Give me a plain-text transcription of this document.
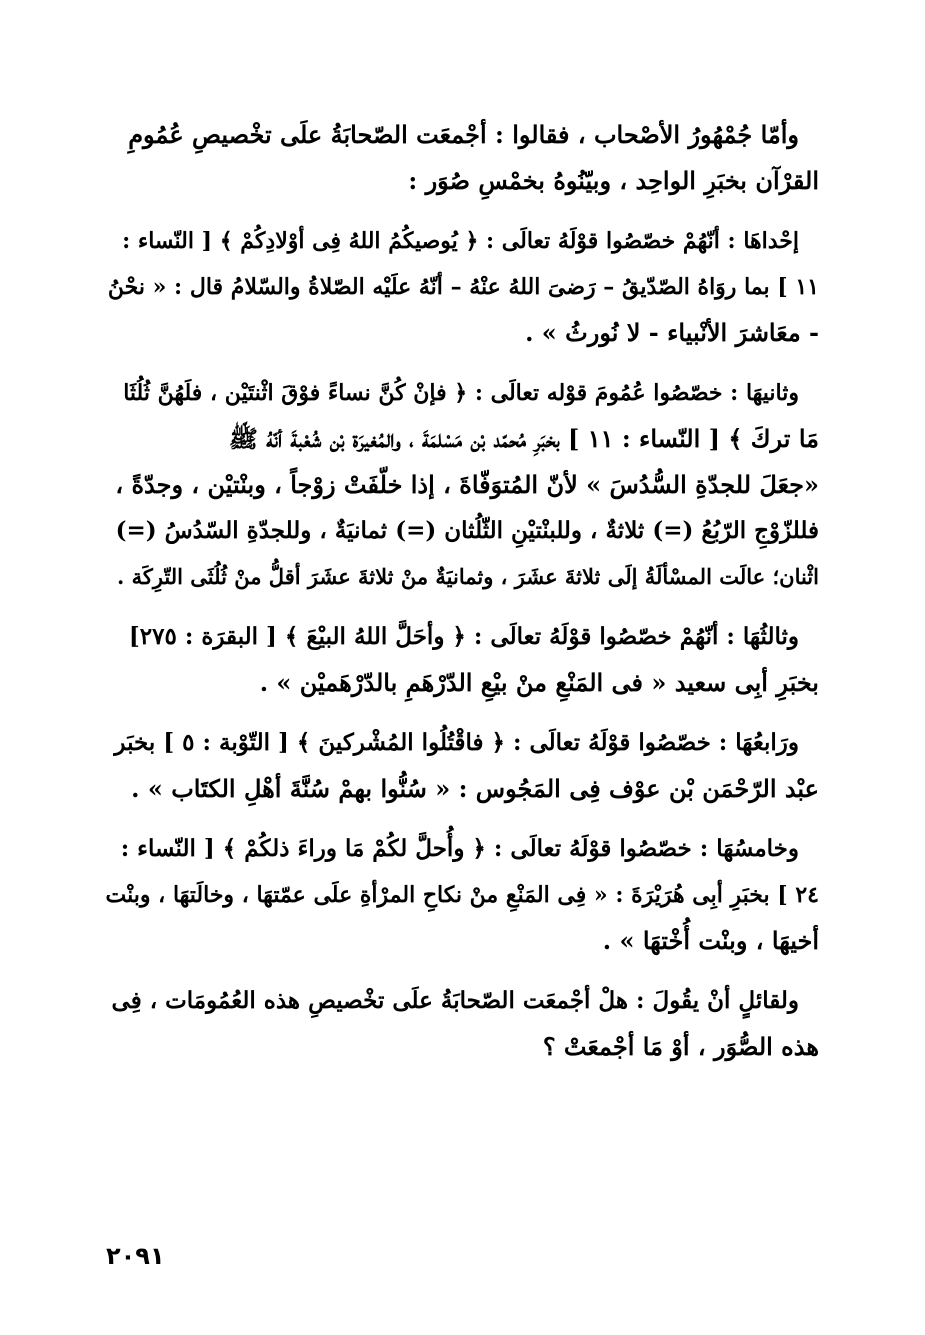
وأمّا جُمْهُورُ الأصْحاب ، فقالوا : أجْمعَت الصّحابَةُ علَى تخْصيصِ عُمُومِ
القرْآن بخبَرِ الواحِد ، وبيّنُوهُ بخمْسِ صُوَر :
إحْداهَا : أنّهُمْ خصّصُوا قوْلَهُ تعالَى : ﴿ يُوصيكُمُ اللهُ فِى أوْلادِكُمْ ﴾ [ النّساء :
١١ ] بما روَاهُ الصّدّيقُ – رَضىَ اللهُ عنْهُ – أنّهُ علَيْه الصّلاةُ والسّلامُ قال : « نحْنُ
- معَاشرَ الأنْبياء - لا نُورثُ » .
وثانيهَا : خصّصُوا عُمُومَ قوْله تعالَى : ﴿ فإنْ كُنَّ نساءً فوْقَ اثْنتَيْن ، فلَهُنَّ ثُلُثَا
مَا تركَ ﴾ [ النّساء : ١١ ] بخبَرِ مُحمّد بْن مَسْلمَةَ ، والمُغيرَة بْن شُعْبةَ أنّهُ ﷺ
«جعَلَ للجدّةِ السُّدُسَ » لأنّ المُتوَفّاةَ ، إذا خلّفَتْ زوْجاً ، وبنْتيْن ، وجدّةً ،
فللزّوْجِ الرّبُعُ (=) ثلاثةٌ ، وللبنْتيْنِ الثّلُثان (=) ثمانيَةٌ ، وللجدّةِ السّدُسُ (=)
اثْنان؛ عالَت المسْألَةُ إلَى ثلاثةَ عشَرَ ، وثمانيَةٌ منْ ثلاثةَ عشَرَ أقلُّ منْ ثُلُثَى التّرِكَة .
وثالثُهَا : أنّهُمْ خصّصُوا قوْلَهُ تعالَى : ﴿ وأحَلَّ اللهُ البيْعَ ﴾ [ البقرَة : ٢٧٥]
بخبَرِ أبِى سعيد « فى المَنْعِ منْ بيْعِ الدّرْهَمِ بالدّرْهَميْن » .
ورَابعُهَا : خصّصُوا قوْلَهُ تعالَى : ﴿ فاقْتُلُوا المُشْركينَ ﴾ [ التّوْبة : ٥ ] بخبَر
عبْد الرّحْمَن بْن عوْف فِى المَجُوس : « سُنُّوا بهمْ سُنَّةَ أهْلِ الكتَاب » .
وخامسُهَا : خصّصُوا قوْلَهُ تعالَى : ﴿ وأُحلَّ لكُمْ مَا وراءَ ذلكُمْ ﴾ [ النّساء :
٢٤ ] بخبَرِ أبِى هُرَيْرَةَ : « فِى المَنْعِ منْ نكاحِ المرْأةِ علَى عمّتهَا ، وخالَتهَا ، وبنْت
أخيهَا ، وبنْت أُخْتهَا » .
ولقائلٍ أنْ يقُولَ : هلْ أجْمعَت الصّحابَةُ علَى تخْصيصِ هذه العُمُومَات ، فِى
هذه الصُّوَر ، أوْ مَا أجْمعَتْ ؟
٢٠٩١
